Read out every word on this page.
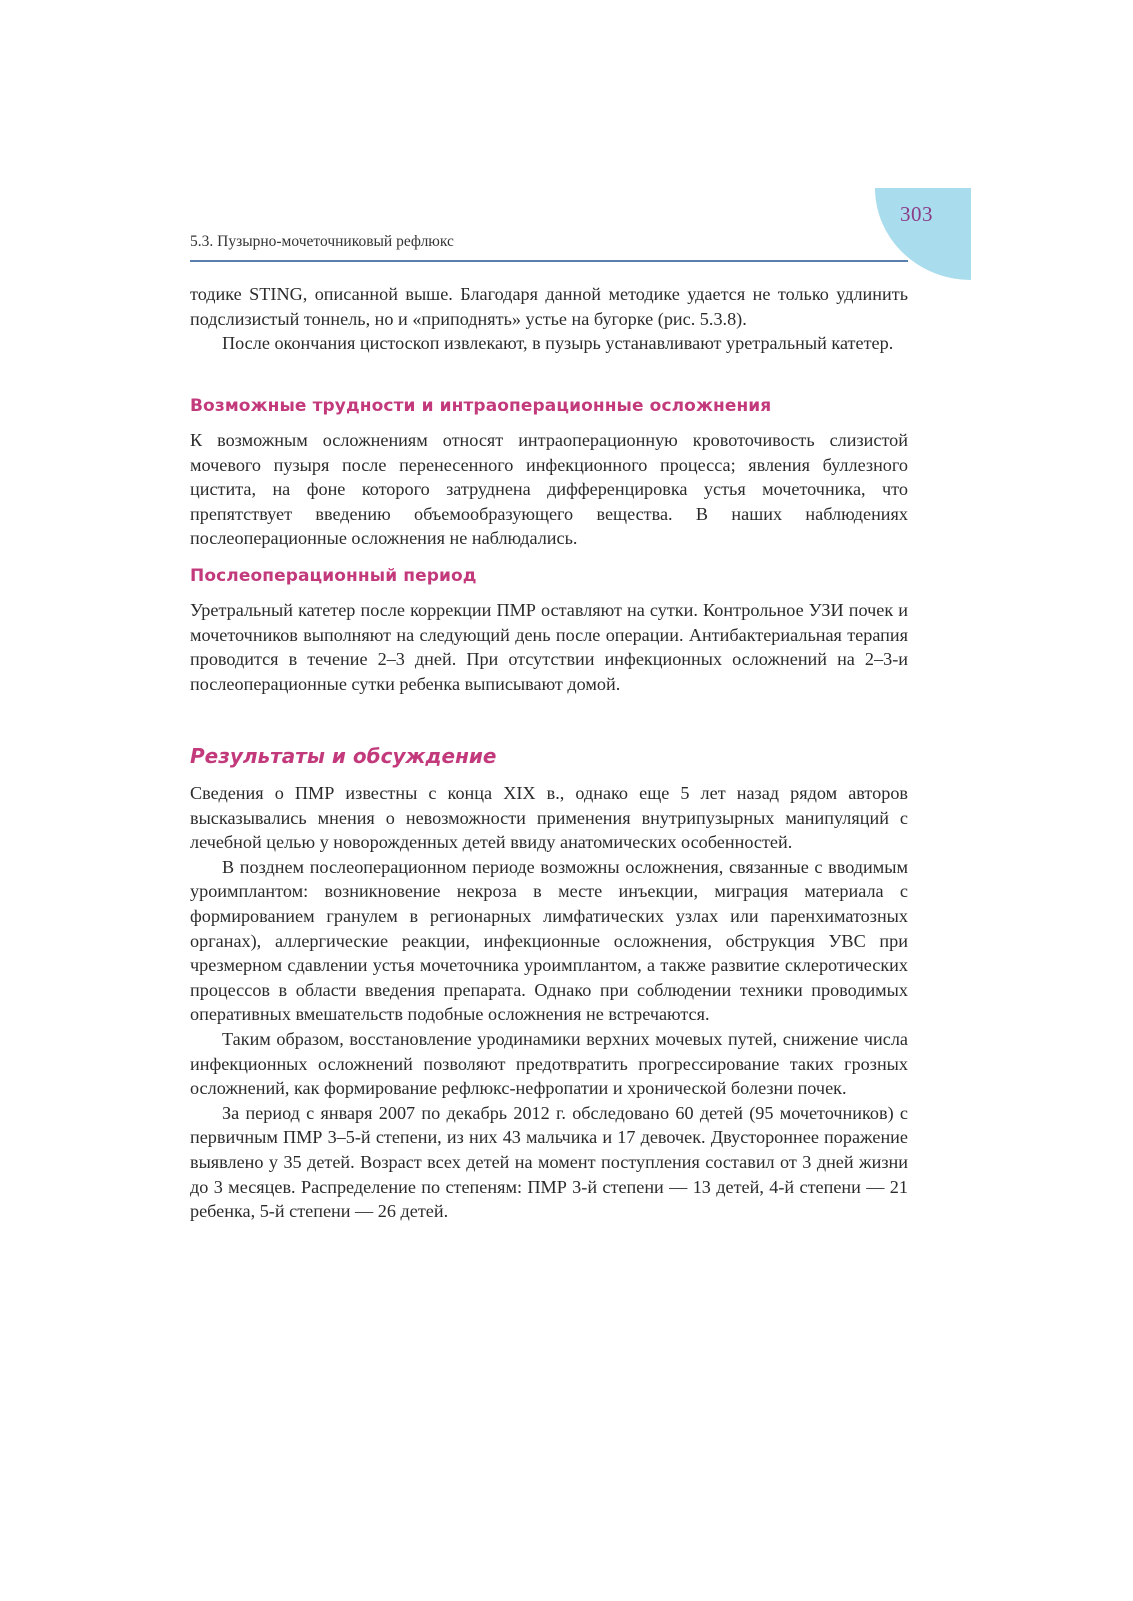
303
5.3. Пузырно-мочеточниковый рефлюкс

тодике STING, описанной выше. Благодаря данной методике удается не только удлинить подслизистый тоннель, но и «приподнять» устье на бугорке (рис. 5.3.8).

После окончания цистоскоп извлекают, в пузырь устанавливают уретральный катетер.

Возможные трудности и интраоперационные осложнения

К возможным осложнениям относят интраоперационную кровоточивость слизистой мочевого пузыря после перенесенного инфекционного процесса; явления буллезного цистита, на фоне которого затруднена дифференцировка устья мочеточника, что препятствует введению объемообразующего вещества. В наших наблюдениях послеоперационные осложнения не наблюдались.

Послеоперационный период

Уретральный катетер после коррекции ПМР оставляют на сутки. Контрольное УЗИ почек и мочеточников выполняют на следующий день после операции. Антибактериальная терапия проводится в течение 2–3 дней. При отсутствии инфекционных осложнений на 2–3-и послеоперационные сутки ребенка выписывают домой.

Результаты и обсуждение

Сведения о ПМР известны с конца XIX в., однако еще 5 лет назад рядом авторов высказывались мнения о невозможности применения внутрипузырных манипуляций с лечебной целью у новорожденных детей ввиду анатомических особенностей.

В позднем послеоперационном периоде возможны осложнения, связанные с вводимым уроимплантом: возникновение некроза в месте инъекции, миграция материала с формированием гранулем в регионарных лимфатических узлах или паренхиматозных органах), аллергические реакции, инфекционные осложнения, обструкция УВС при чрезмерном сдавлении устья мочеточника уроимплантом, а также развитие склеротических процессов в области введения препарата. Однако при соблюдении техники проводимых оперативных вмешательств подобные осложнения не встречаются.

Таким образом, восстановление уродинамики верхних мочевых путей, снижение числа инфекционных осложнений позволяют предотвратить прогрессирование таких грозных осложнений, как формирование рефлюкс-нефропатии и хронической болезни почек.

За период с января 2007 по декабрь 2012 г. обследовано 60 детей (95 мочеточников) с первичным ПМР 3–5-й степени, из них 43 мальчика и 17 девочек. Двустороннее поражение выявлено у 35 детей. Возраст всех детей на момент поступления составил от 3 дней жизни до 3 месяцев. Распределение по степеням: ПМР 3-й степени — 13 детей, 4-й степени — 21 ребенка, 5-й степени — 26 детей.
